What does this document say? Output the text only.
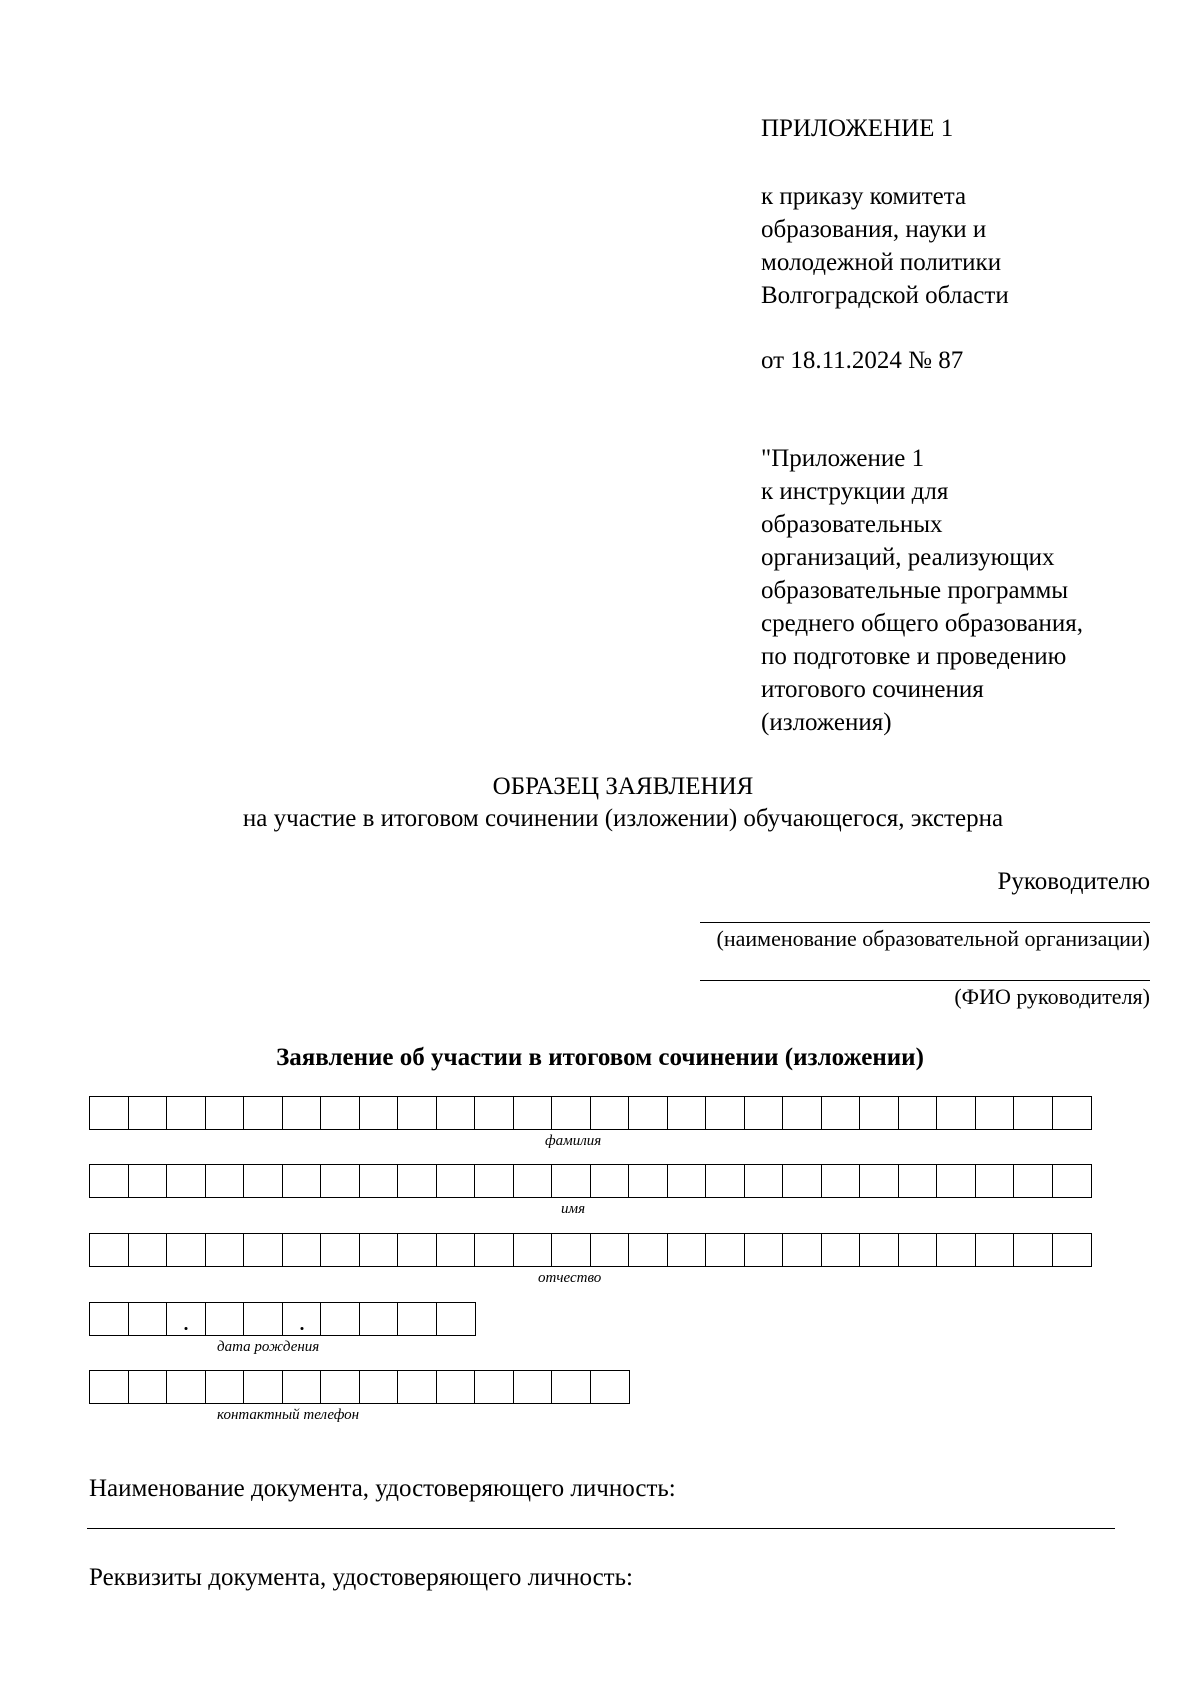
ПРИЛОЖЕНИЕ 1
к приказу комитета
образования, науки и
молодежной политики
Волгоградской области
от 18.11.2024 № 87
"Приложение 1
к инструкции для
образовательных
организаций, реализующих
образовательные программы
среднего общего образования,
по подготовке и проведению
итогового сочинения
(изложения)
ОБРАЗЕЦ ЗАЯВЛЕНИЯ
на участие в итоговом сочинении (изложении) обучающегося, экстерна
Руководителю
(наименование образовательной организации)
(ФИО руководителя)
Заявление об участии в итоговом сочинении (изложении)
фамилия
имя
отчество
дата рождения
контактный телефон
Наименование документа, удостоверяющего личность:
Реквизиты документа, удостоверяющего личность:
